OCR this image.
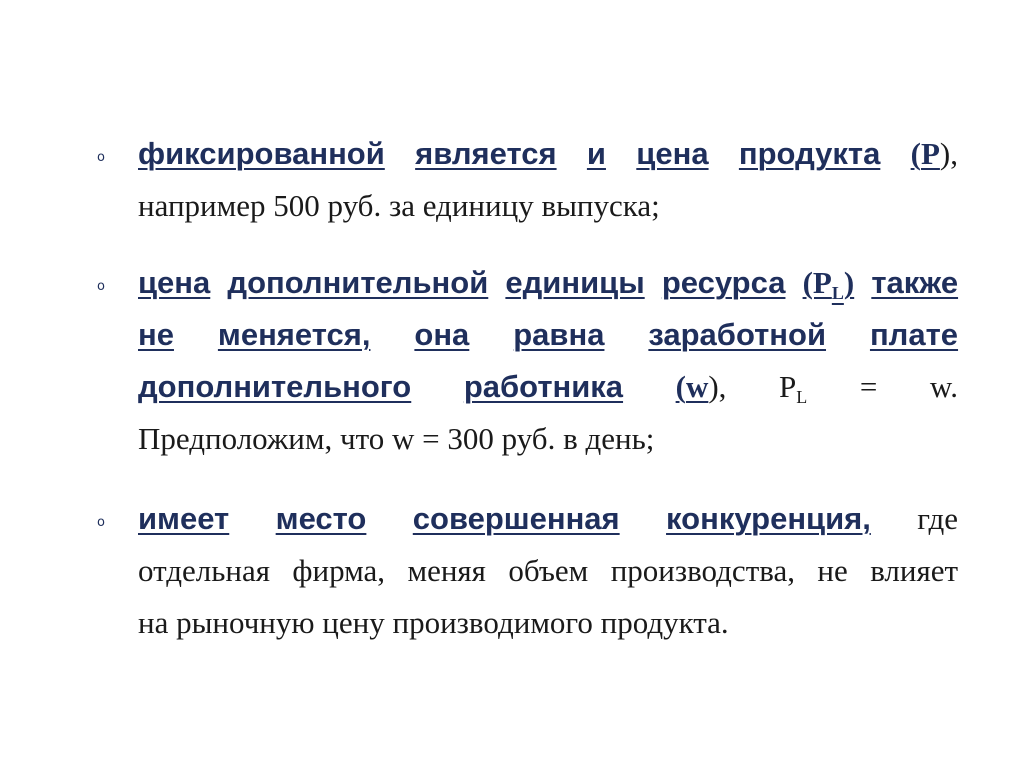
o фиксированной является и цена продукта (P),
например 500 руб. за единицу выпуска;
o цена дополнительной единицы ресурса $(P_L)$ также
не меняется, она равна заработной плате
дополнительного работника (w), $P_L = w$.
Предположим, что w = 300 руб. в день;
o имеет место совершенная конкуренция, где
отдельная фирма, меняя объем производства, не влияет
на рыночную цену производимого продукта.
